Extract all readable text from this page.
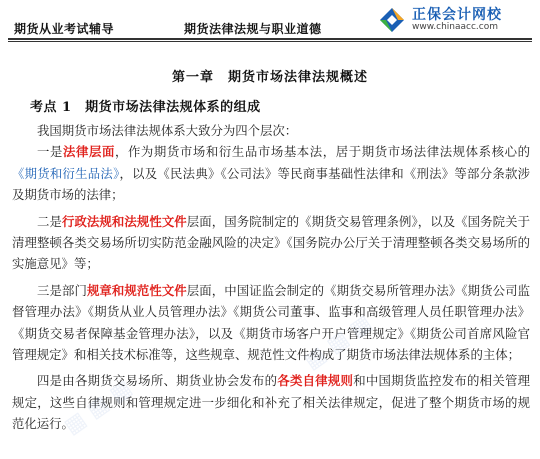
期货从业考试辅导	期货法律法规与职业道德
正保会计网校
www.chinaacc.com
第一章　期货市场法律法规概述
考点 1　期货市场法律法规体系的组成

我国期货市场法律法规体系大致分为四个层次：

一是法律层面，作为期货市场和衍生品市场基本法，居于期货市场法律法规体系核心的《期货和衍生品法》，以及《民法典》《公司法》等民商事基础性法律和《刑法》等部分条款涉及期货市场的法律；

二是行政法规和法规性文件层面，国务院制定的《期货交易管理条例》，以及《国务院关于清理整顿各类交易场所切实防范金融风险的决定》《国务院办公厅关于清理整顿各类交易场所的实施意见》等；

三是部门规章和规范性文件层面，中国证监会制定的《期货交易所管理办法》《期货公司监督管理办法》《期货从业人员管理办法》《期货公司董事、监事和高级管理人员任职管理办法》《期货交易者保障基金管理办法》，以及《期货市场客户开户管理规定》《期货公司首席风险官管理规定》和相关技术标准等，这些规章、规范性文件构成了期货市场法律法规体系的主体；

四是由各期货交易场所、期货业协会发布的各类自律规则和中国期货监控发布的相关管理规定，这些自律规则和管理规定进一步细化和补充了相关法律规定，促进了整个期货市场的规范化运行。

▦ ▦ ▦
▦ ▦ ▦
